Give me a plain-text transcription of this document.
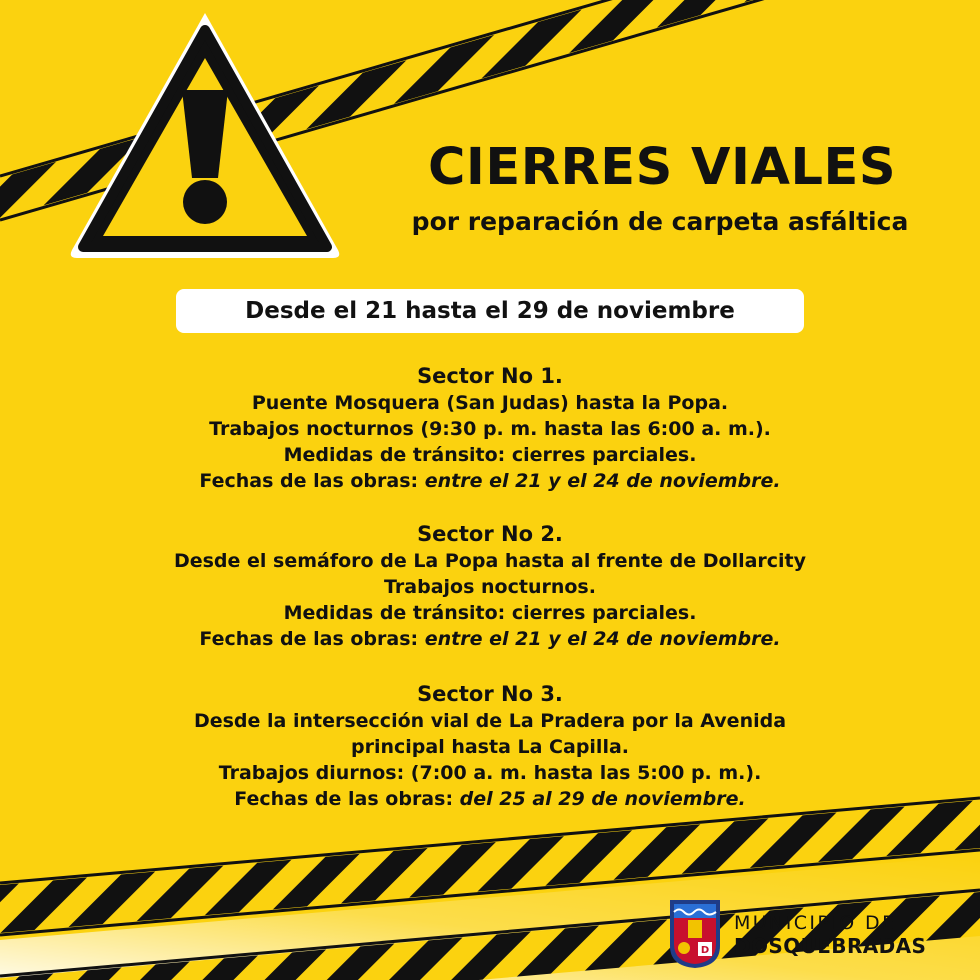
CIERRES VIALES
por reparación de carpeta asfáltica
Desde el 21 hasta el 29 de noviembre
Sector No 1.
Puente Mosquera (San Judas) hasta la Popa.
Trabajos nocturnos (9:30 p. m. hasta las 6:00 a. m.).
Medidas de tránsito: cierres parciales.
Fechas de las obras: entre el 21 y el 24 de noviembre.
Sector No 2.
Desde el semáforo de La Popa hasta al frente de Dollarcity
Trabajos nocturnos.
Medidas de tránsito: cierres parciales.
Fechas de las obras: entre el 21 y el 24 de noviembre.
Sector No 3.
Desde la intersección vial de La Pradera por la Avenida
principal hasta La Capilla.
Trabajos diurnos: (7:00 a. m. hasta las 5:00 p. m.).
Fechas de las obras: del 25 al 29 de noviembre.
D
MUNICIPIO DE
DOSQUEBRADAS
